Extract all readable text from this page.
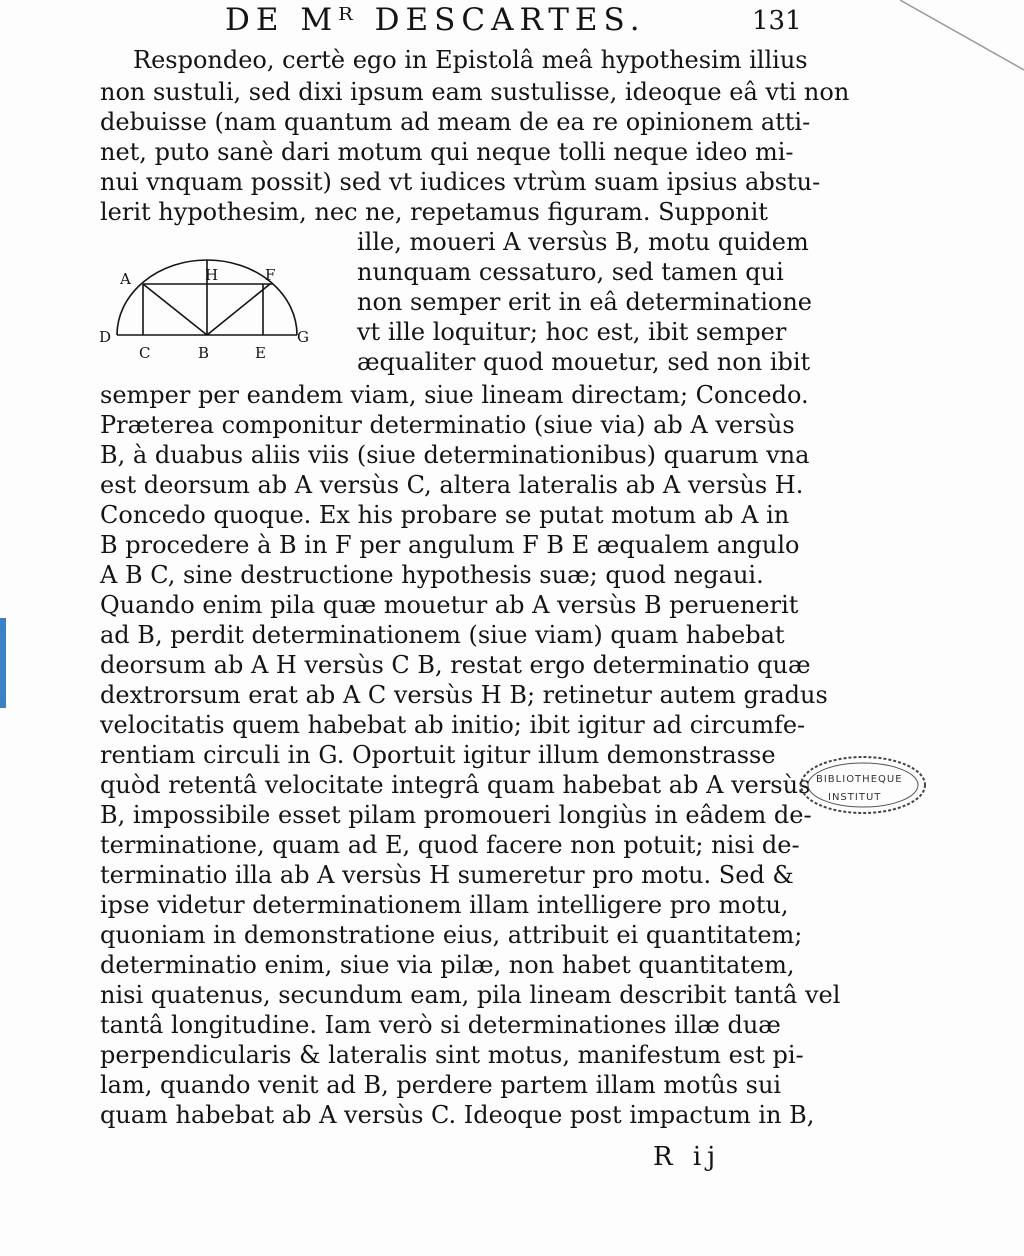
DE Mᴿ DESCARTES.	131
Respondeo, certè ego in Epistolâ meâ hypothesim illius
non sustuli, sed dixi ipsum eam sustulisse, ideoque eâ vti non
debuisse (nam quantum ad meam de ea re opinionem atti-
net, puto sanè dari motum qui neque tolli neque ideo mi-
nui vnquam possit) sed vt iudices vtrùm suam ipsius abstu-
lerit hypothesim, nec ne, repetamus figuram. Supponit
ille, moueri A versùs B, motu quidem
nunquam cessaturo, sed tamen qui
non semper erit in eâ determinatione
vt ille loquitur; hoc est, ibit semper
æqualiter quod mouetur, sed non ibit
semper per eandem viam, siue lineam directam; Concedo.
Præterea componitur determinatio (siue via) ab A versùs
B, à duabus aliis viis (siue determinationibus) quarum vna
est deorsum ab A versùs C, altera lateralis ab A versùs H.
Concedo quoque. Ex his probare se putat motum ab A in
B procedere à B in F per angulum F B E æqualem angulo
A B C, sine destructione hypothesis suæ; quod negaui.
Quando enim pila quæ mouetur ab A versùs B peruenerit
ad B, perdit determinationem (siue viam) quam habebat
deorsum ab A H versùs C B, restat ergo determinatio quæ
dextrorsum erat ab A C versùs H B; retinetur autem gradus
velocitatis quem habebat ab initio; ibit igitur ad circumfe-
rentiam circuli in G. Oportuit igitur illum demonstrasse
quòd retentâ velocitate integrâ quam habebat ab A versùs
B, impossibile esset pilam promoueri longiùs in eâdem de-
terminatione, quam ad E, quod facere non potuit; nisi de-
terminatio illa ab A versùs H sumeretur pro motu. Sed &
ipse videtur determinationem illam intelligere pro motu,
quoniam in demonstratione eius, attribuit ei quantitatem;
determinatio enim, siue via pilæ, non habet quantitatem,
nisi quatenus, secundum eam, pila lineam describit tantâ vel
tantâ longitudine. Iam verò si determinationes illæ duæ
perpendicularis & lateralis sint motus, manifestum est pi-
lam, quando venit ad B, perdere partem illam motûs sui
quam habebat ab A versùs C. Ideoque post impactum in B,
A	H	F
D	G
C	B	E
BIBLIOTHEQUE
INSTITUT
R ij
